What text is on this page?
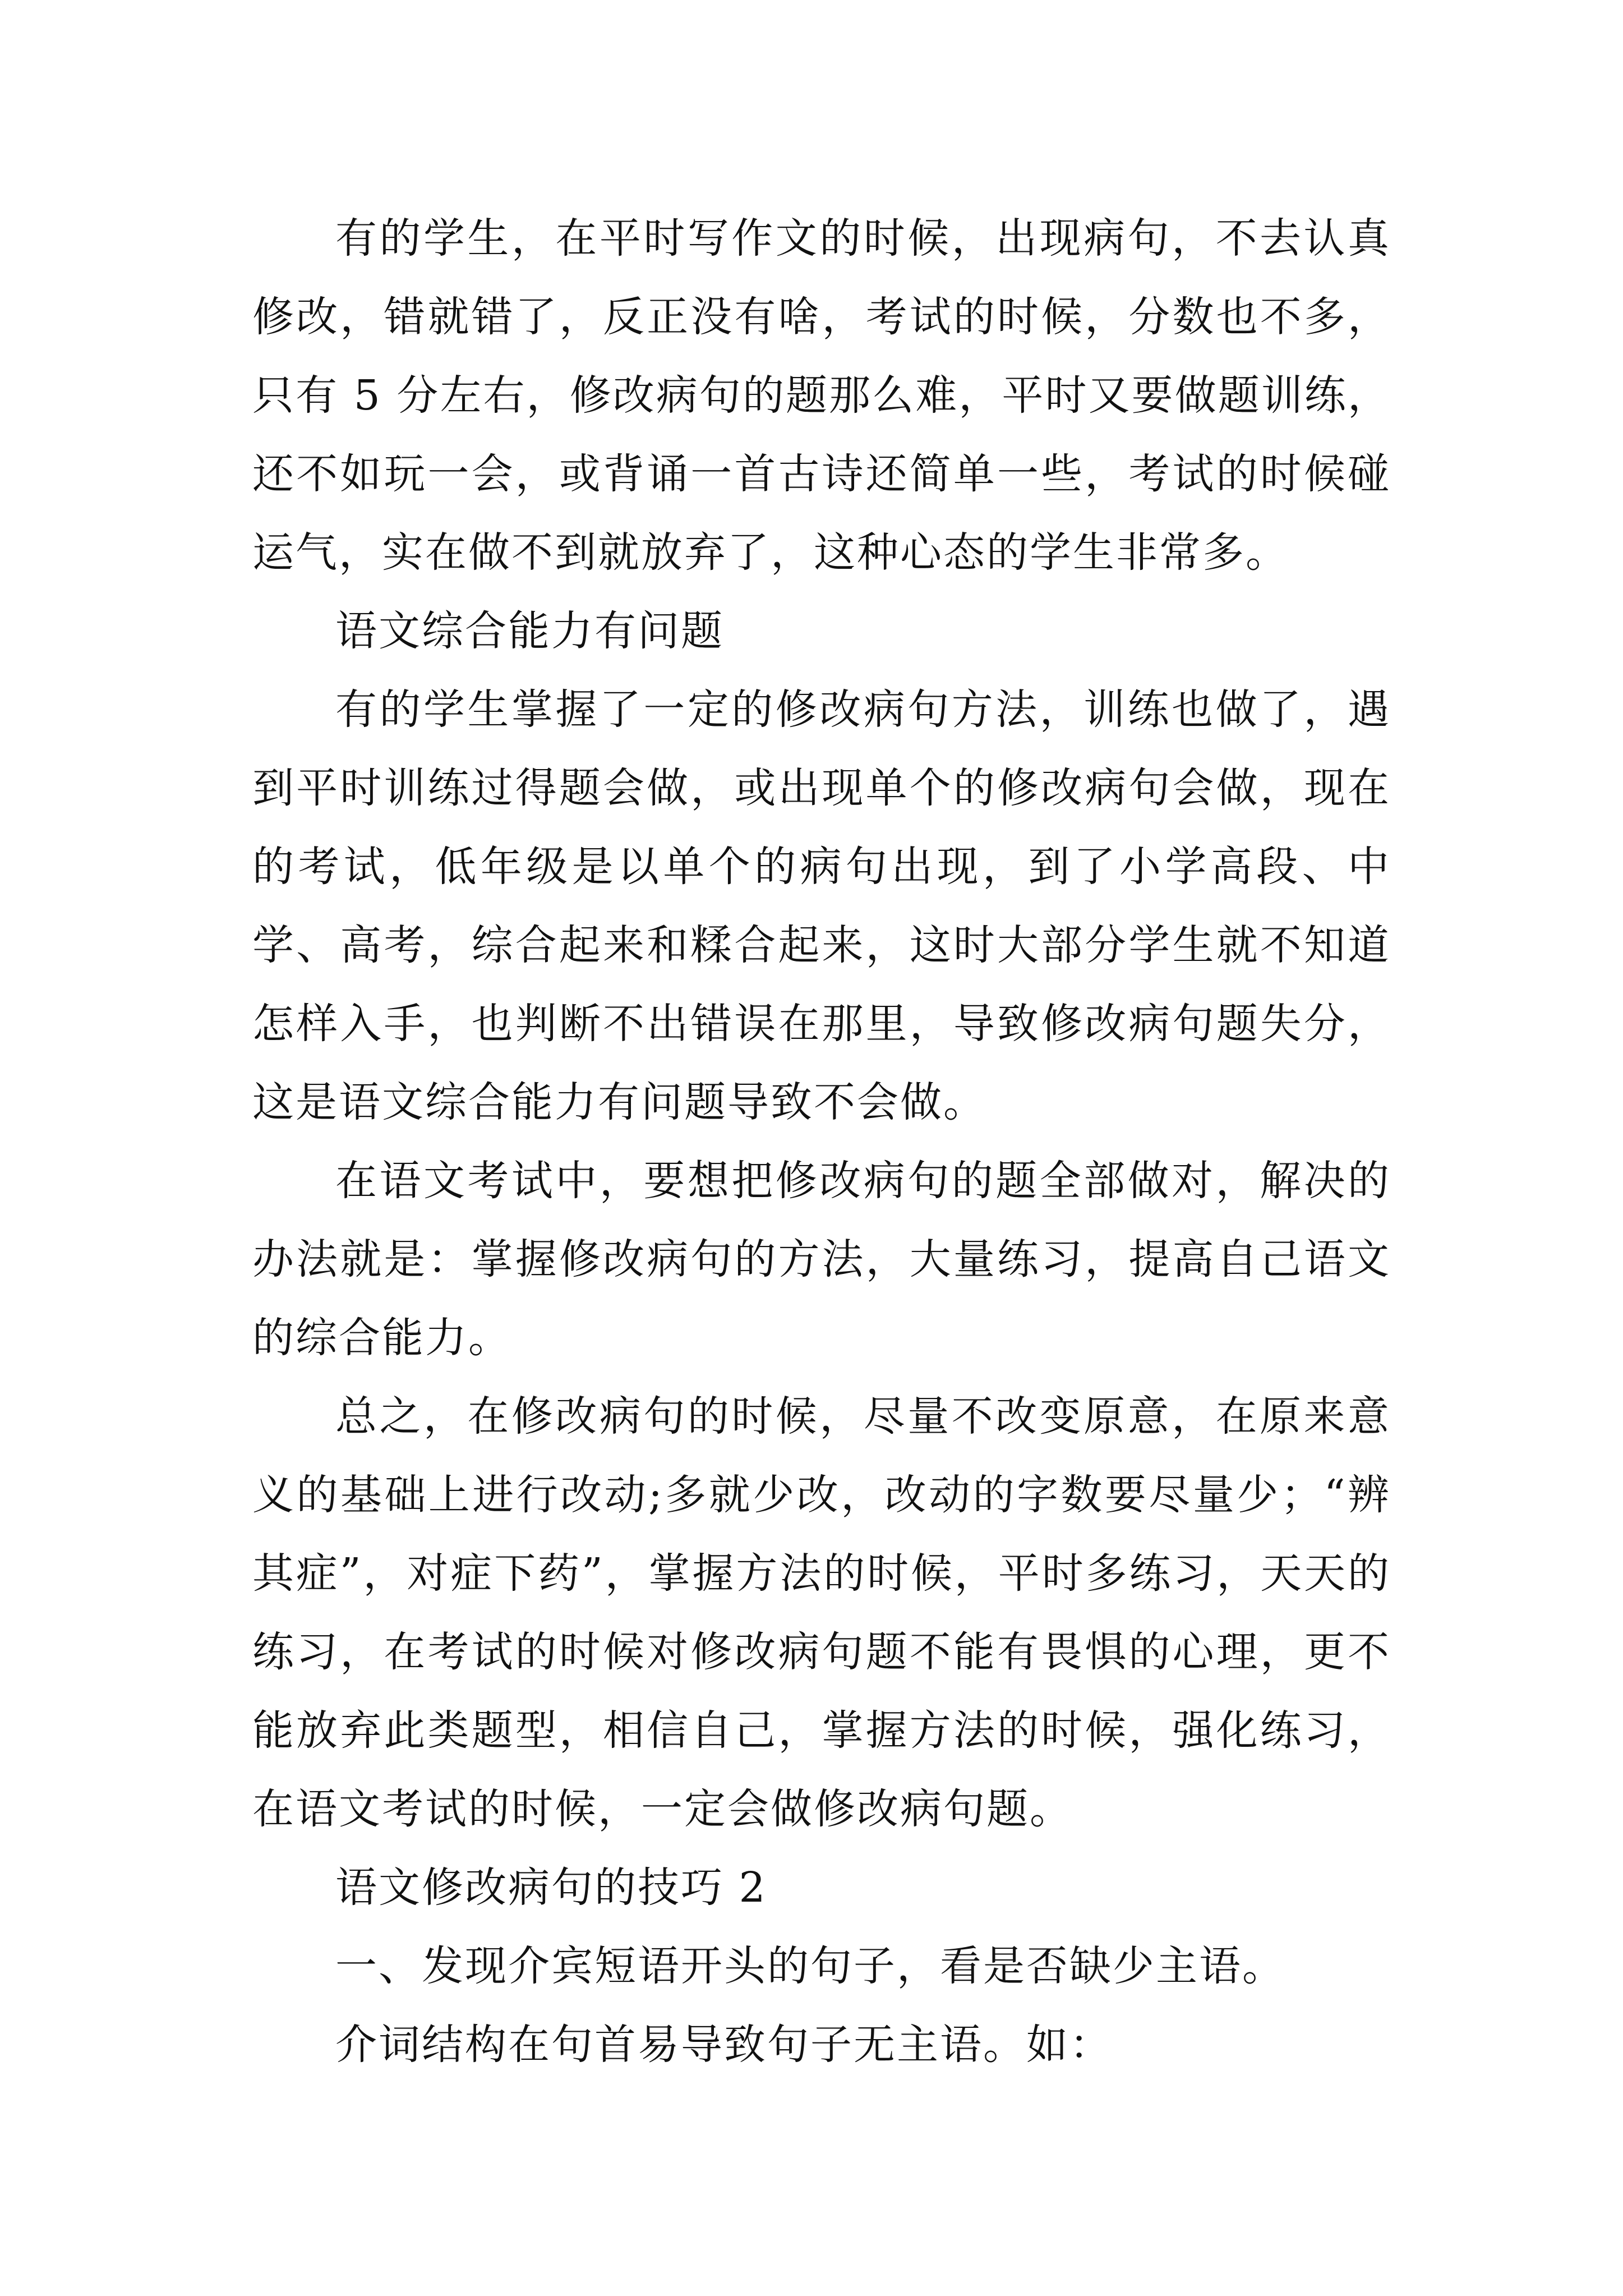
有的学生，在平时写作文的时候，出现病句，不去认真修改，错就错了，反正没有啥，考试的时候，分数也不多，只有 5 分左右，修改病句的题那么难，平时又要做题训练，还不如玩一会，或背诵一首古诗还简单一些，考试的时候碰运气，实在做不到就放弃了，这种心态的学生非常多。

语文综合能力有问题

有的学生掌握了一定的修改病句方法，训练也做了，遇到平时训练过得题会做，或出现单个的修改病句会做，现在的考试，低年级是以单个的病句出现，到了小学高段、中学、高考，综合起来和糅合起来，这时大部分学生就不知道怎样入手，也判断不出错误在那里，导致修改病句题失分，这是语文综合能力有问题导致不会做。

在语文考试中，要想把修改病句的题全部做对，解决的办法就是：掌握修改病句的方法，大量练习，提高自己语文的综合能力。

总之，在修改病句的时候，尽量不改变原意，在原来意义的基础上进行改动;多就少改，改动的字数要尽量少；“辨其症”，对症下药”，掌握方法的时候，平时多练习，天天的练习，在考试的时候对修改病句题不能有畏惧的心理，更不能放弃此类题型，相信自己，掌握方法的时候，强化练习，在语文考试的时候，一定会做修改病句题。

语文修改病句的技巧 2

一、发现介宾短语开头的句子，看是否缺少主语。

介词结构在句首易导致句子无主语。如：
